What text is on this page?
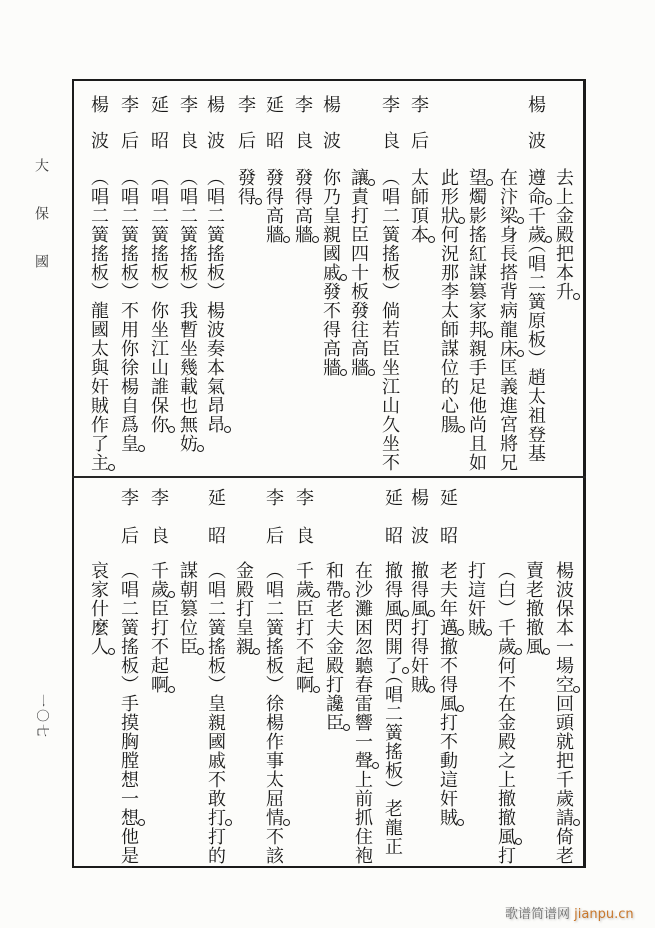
大保國
一〇七
去上金殿把本升
楊波
遵命千歲（唱二簧原板）趙太祖登基
在汴梁身長搭背病龍床匡義進宮將兄
望燭影搖紅謀篡家邦親手足他尚且如
此形狀何況那李太師謀位的心腸
李后
太師頂本
李良
（唱二簧搖板）倘若臣坐江山久坐不
讓責打臣四十板發往高牆
楊波
你乃皇親國戚發不得高牆
李良
發得高牆
延昭
發得高牆
李后
發得
楊波
（唱二簧搖板）楊波奏本氣昂昂
李良
（唱二簧搖板）我暫坐幾載也無妨
延昭
（唱二簧搖板）你坐江山誰保你
李后
（唱二簧搖板）不用你徐楊自爲皇
楊波
（唱二簧搖板）龍國太與奸賊作了主
楊波保本一場空回頭就把千歲請倚老
賣老撤撤風
（白）千歲何不在金殿之上撤撤風打
打這奸賊
延昭
老夫年邁撤不得風打不動這奸賊
楊波
撤得風打得奸賊
延昭
撤得風閃開了（唱二簧搖板）老龍正
在沙灘困忽聽春雷響一聲上前抓住袍
和帶老夫金殿打讒臣
李良
千歲臣打不起啊
李后
（唱二簧搖板）徐楊作事太屈情不該
金殿打皇親
延昭
（唱二簧搖板）皇親國戚不敢打打的
謀朝篡位臣
李良
千歲臣打不起啊
李后
（唱二簧搖板）手摸胸膛想一想他是
哀家什麼人
歌谱简谱网 jianpu.cn
